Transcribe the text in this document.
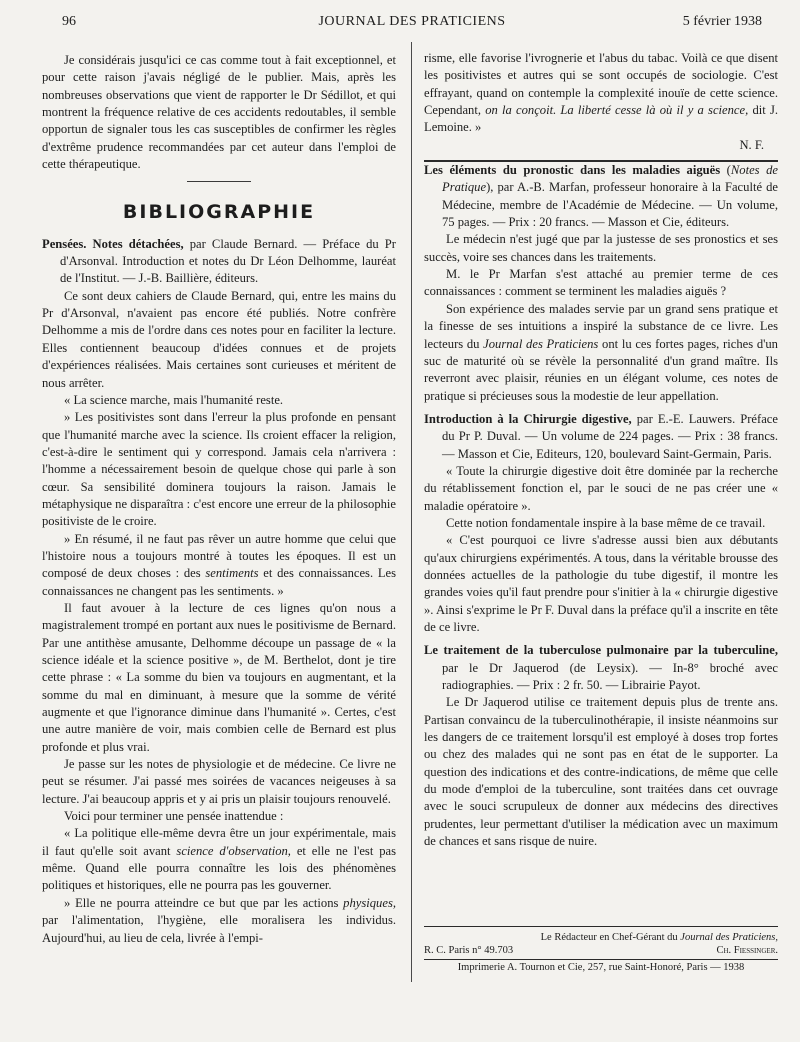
96	JOURNAL DES PRATICIENS	5 février 1938

Je considérais jusqu'ici ce cas comme tout à fait exceptionnel, et pour cette raison j'avais négligé de le publier. Mais, après les nombreuses observations que vient de rapporter le Dr Sédillot, et qui montrent la fréquence relative de ces accidents redoutables, il semble opportun de signaler tous les cas susceptibles de confirmer les règles d'extrême prudence recommandées par cet auteur dans l'emploi de cette thérapeutique.

BIBLIOGRAPHIE

Pensées. Notes détachées, par Claude Bernard. — Préface du Pr d'Arsonval. Introduction et notes du Dr Léon Delhomme, lauréat de l'Institut. — J.-B. Baillière, éditeurs.

Ce sont deux cahiers de Claude Bernard, qui, entre les mains du Pr d'Arsonval, n'avaient pas encore été publiés. Notre confrère Delhomme a mis de l'ordre dans ces notes pour en faciliter la lecture. Elles contiennent beaucoup d'idées connues et de projets d'expériences réalisées. Mais certaines sont curieuses et méritent de nous arrêter.

« La science marche, mais l'humanité reste.

» Les positivistes sont dans l'erreur la plus profonde en pensant que l'humanité marche avec la science. Ils croient effacer la religion, c'est-à-dire le sentiment qui y correspond. Jamais cela n'arrivera : l'homme a nécessairement besoin de quelque chose qui parle à son cœur. Sa sensibilité dominera toujours la raison. Jamais le métaphysique ne disparaîtra : c'est encore une erreur de la philosophie positiviste de le croire.

» En résumé, il ne faut pas rêver un autre homme que celui que l'histoire nous a toujours montré à toutes les époques. Il est un composé de deux choses : des sentiments et des connaissances. Les connaissances ne changent pas les sentiments. »

Il faut avouer à la lecture de ces lignes qu'on nous a magistralement trompé en portant aux nues le positivisme de Bernard. Par une antithèse amusante, Delhomme découpe un passage de « la science idéale et la science positive », de M. Berthelot, dont je tire cette phrase : « La somme du bien va toujours en augmentant, et la somme du mal en diminuant, à mesure que la somme de vérité augmente et que l'ignorance diminue dans l'humanité ». Certes, c'est une autre manière de voir, mais combien celle de Bernard est plus profonde et plus vrai.

Je passe sur les notes de physiologie et de médecine. Ce livre ne peut se résumer. J'ai passé mes soirées de vacances neigeuses à sa lecture. J'ai beaucoup appris et y ai pris un plaisir toujours renouvelé.

Voici pour terminer une pensée inattendue :

« La politique elle-même devra être un jour expérimentale, mais il faut qu'elle soit avant science d'observation, et elle ne l'est pas même. Quand elle pourra connaître les lois des phénomènes politiques et historiques, elle ne pourra pas les gouverner.

» Elle ne pourra atteindre ce but que par les actions physiques, par l'alimentation, l'hygiène, elle moralisera les individus. Aujourd'hui, au lieu de cela, livrée à l'empi-

risme, elle favorise l'ivrognerie et l'abus du tabac. Voilà ce que disent les positivistes et autres qui se sont occupés de sociologie. C'est effrayant, quand on contemple la complexité inouïe de cette science. Cependant, on la conçoit. La liberté cesse là où il y a science, dit J. Lemoine. »

N. F.

Les éléments du pronostic dans les maladies aiguës (Notes de Pratique), par A.-B. Marfan, professeur honoraire à la Faculté de Médecine, membre de l'Académie de Médecine. — Un volume, 75 pages. — Prix : 20 francs. — Masson et Cie, éditeurs.

Le médecin n'est jugé que par la justesse de ses pronostics et ses succès, voire ses chances dans les traitements.

M. le Pr Marfan s'est attaché au premier terme de ces connaissances : comment se terminent les maladies aiguës ?

Son expérience des malades servie par un grand sens pratique et la finesse de ses intuitions a inspiré la substance de ce livre. Les lecteurs du Journal des Praticiens ont lu ces fortes pages, riches d'un suc de maturité où se révèle la personnalité d'un grand maître. Ils reverront avec plaisir, réunies en un élégant volume, ces notes de pratique si précieuses sous la modestie de leur appellation.

Introduction à la Chirurgie digestive, par E.-E. Lauwers. Préface du Pr P. Duval. — Un volume de 224 pages. — Prix : 38 francs. — Masson et Cie, Editeurs, 120, boulevard Saint-Germain, Paris.

« Toute la chirurgie digestive doit être dominée par la recherche du rétablissement fonction el, par le souci de ne pas créer une « maladie opératoire ».

Cette notion fondamentale inspire à la base même de ce travail.

« C'est pourquoi ce livre s'adresse aussi bien aux débutants qu'aux chirurgiens expérimentés. A tous, dans la véritable brousse des données actuelles de la pathologie du tube digestif, il montre les grandes voies qu'il faut prendre pour s'initier à la « chirurgie digestive ». Ainsi s'exprime le Pr F. Duval dans la préface qu'il a inscrite en tête de ce livre.

Le traitement de la tuberculose pulmonaire par la tuberculine, par le Dr Jaquerod (de Leysix). — In-8° broché avec radiographies. — Prix : 2 fr. 50. — Librairie Payot.

Le Dr Jaquerod utilise ce traitement depuis plus de trente ans. Partisan convaincu de la tuberculinothérapie, il insiste néanmoins sur les dangers de ce traitement lorsqu'il est employé à doses trop fortes ou chez des malades qui ne sont pas en état de le supporter. La question des indications et des contre-indications, de même que celle du mode d'emploi de la tuberculine, sont traitées dans cet ouvrage avec le souci scrupuleux de donner aux médecins des directives prudentes, leur permettant d'utiliser la médication avec un maximum de chances et sans risque de nuire.

Le Rédacteur en Chef-Gérant du Journal des Praticiens,
R. C. Paris n° 49.703	Ch. Fiessinger.
Imprimerie A. Tournon et Cie, 257, rue Saint-Honoré, Paris — 1938
